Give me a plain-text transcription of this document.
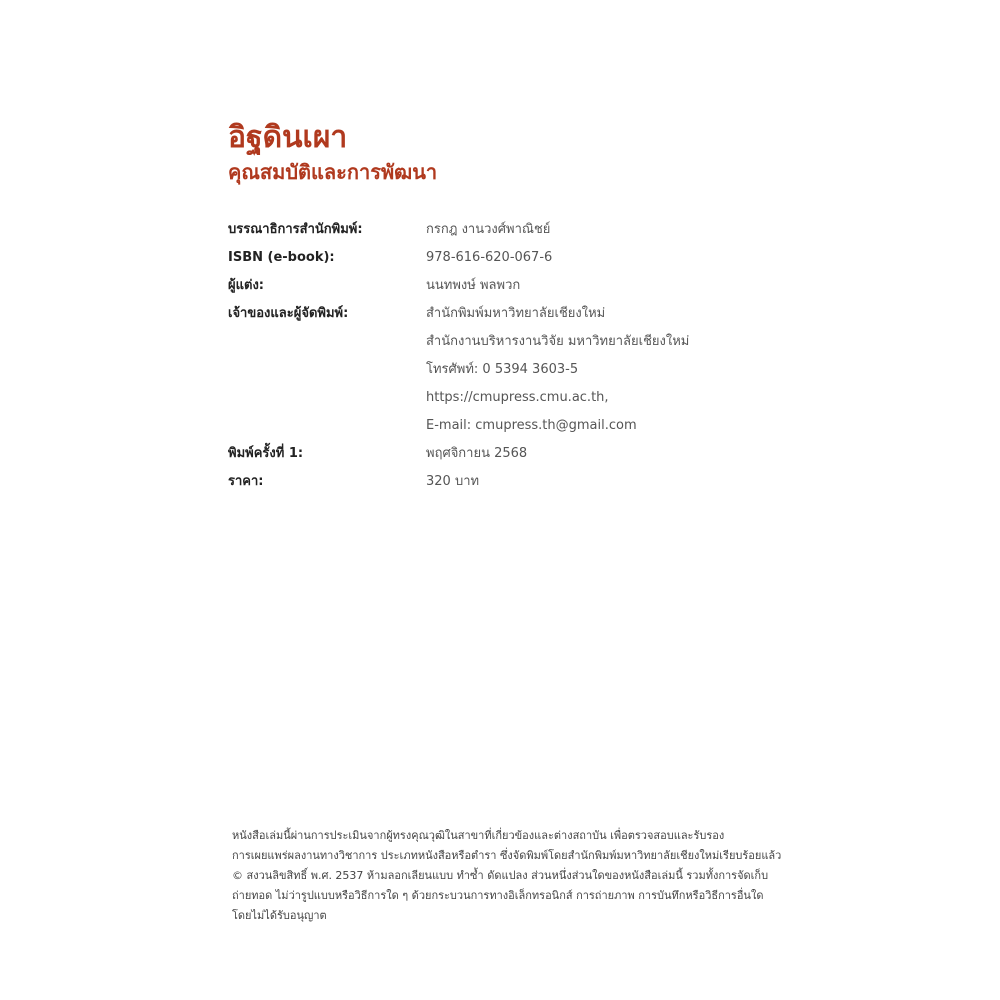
อิฐดินเผา
คุณสมบัติและการพัฒนา
บรรณาธิการสำนักพิมพ์:	กรกฎ งานวงศ์พาณิชย์
ISBN (e-book):	978-616-620-067-6
ผู้แต่ง:	นนทพงษ์ พลพวก
เจ้าของและผู้จัดพิมพ์:	สำนักพิมพ์มหาวิทยาลัยเชียงใหม่
สำนักงานบริหารงานวิจัย มหาวิทยาลัยเชียงใหม่
โทรศัพท์: 0 5394 3603-5
https://cmupress.cmu.ac.th,
E-mail: cmupress.th@gmail.com
พิมพ์ครั้งที่ 1:	พฤศจิกายน 2568
ราคา:	320 บาท
หนังสือเล่มนี้ผ่านการประเมินจากผู้ทรงคุณวุฒิในสาขาที่เกี่ยวข้องและต่างสถาบัน เพื่อตรวจสอบและรับรอง
การเผยแพร่ผลงานทางวิชาการ ประเภทหนังสือหรือตำรา ซึ่งจัดพิมพ์โดยสำนักพิมพ์มหาวิทยาลัยเชียงใหม่เรียบร้อยแล้ว
© สงวนลิขสิทธิ์ พ.ศ. 2537 ห้ามลอกเลียนแบบ ทำซ้ำ ดัดแปลง ส่วนหนึ่งส่วนใดของหนังสือเล่มนี้ รวมทั้งการจัดเก็บ
ถ่ายทอด ไม่ว่ารูปแบบหรือวิธีการใด ๆ ด้วยกระบวนการทางอิเล็กทรอนิกส์ การถ่ายภาพ การบันทึกหรือวิธีการอื่นใด
โดยไม่ได้รับอนุญาต
